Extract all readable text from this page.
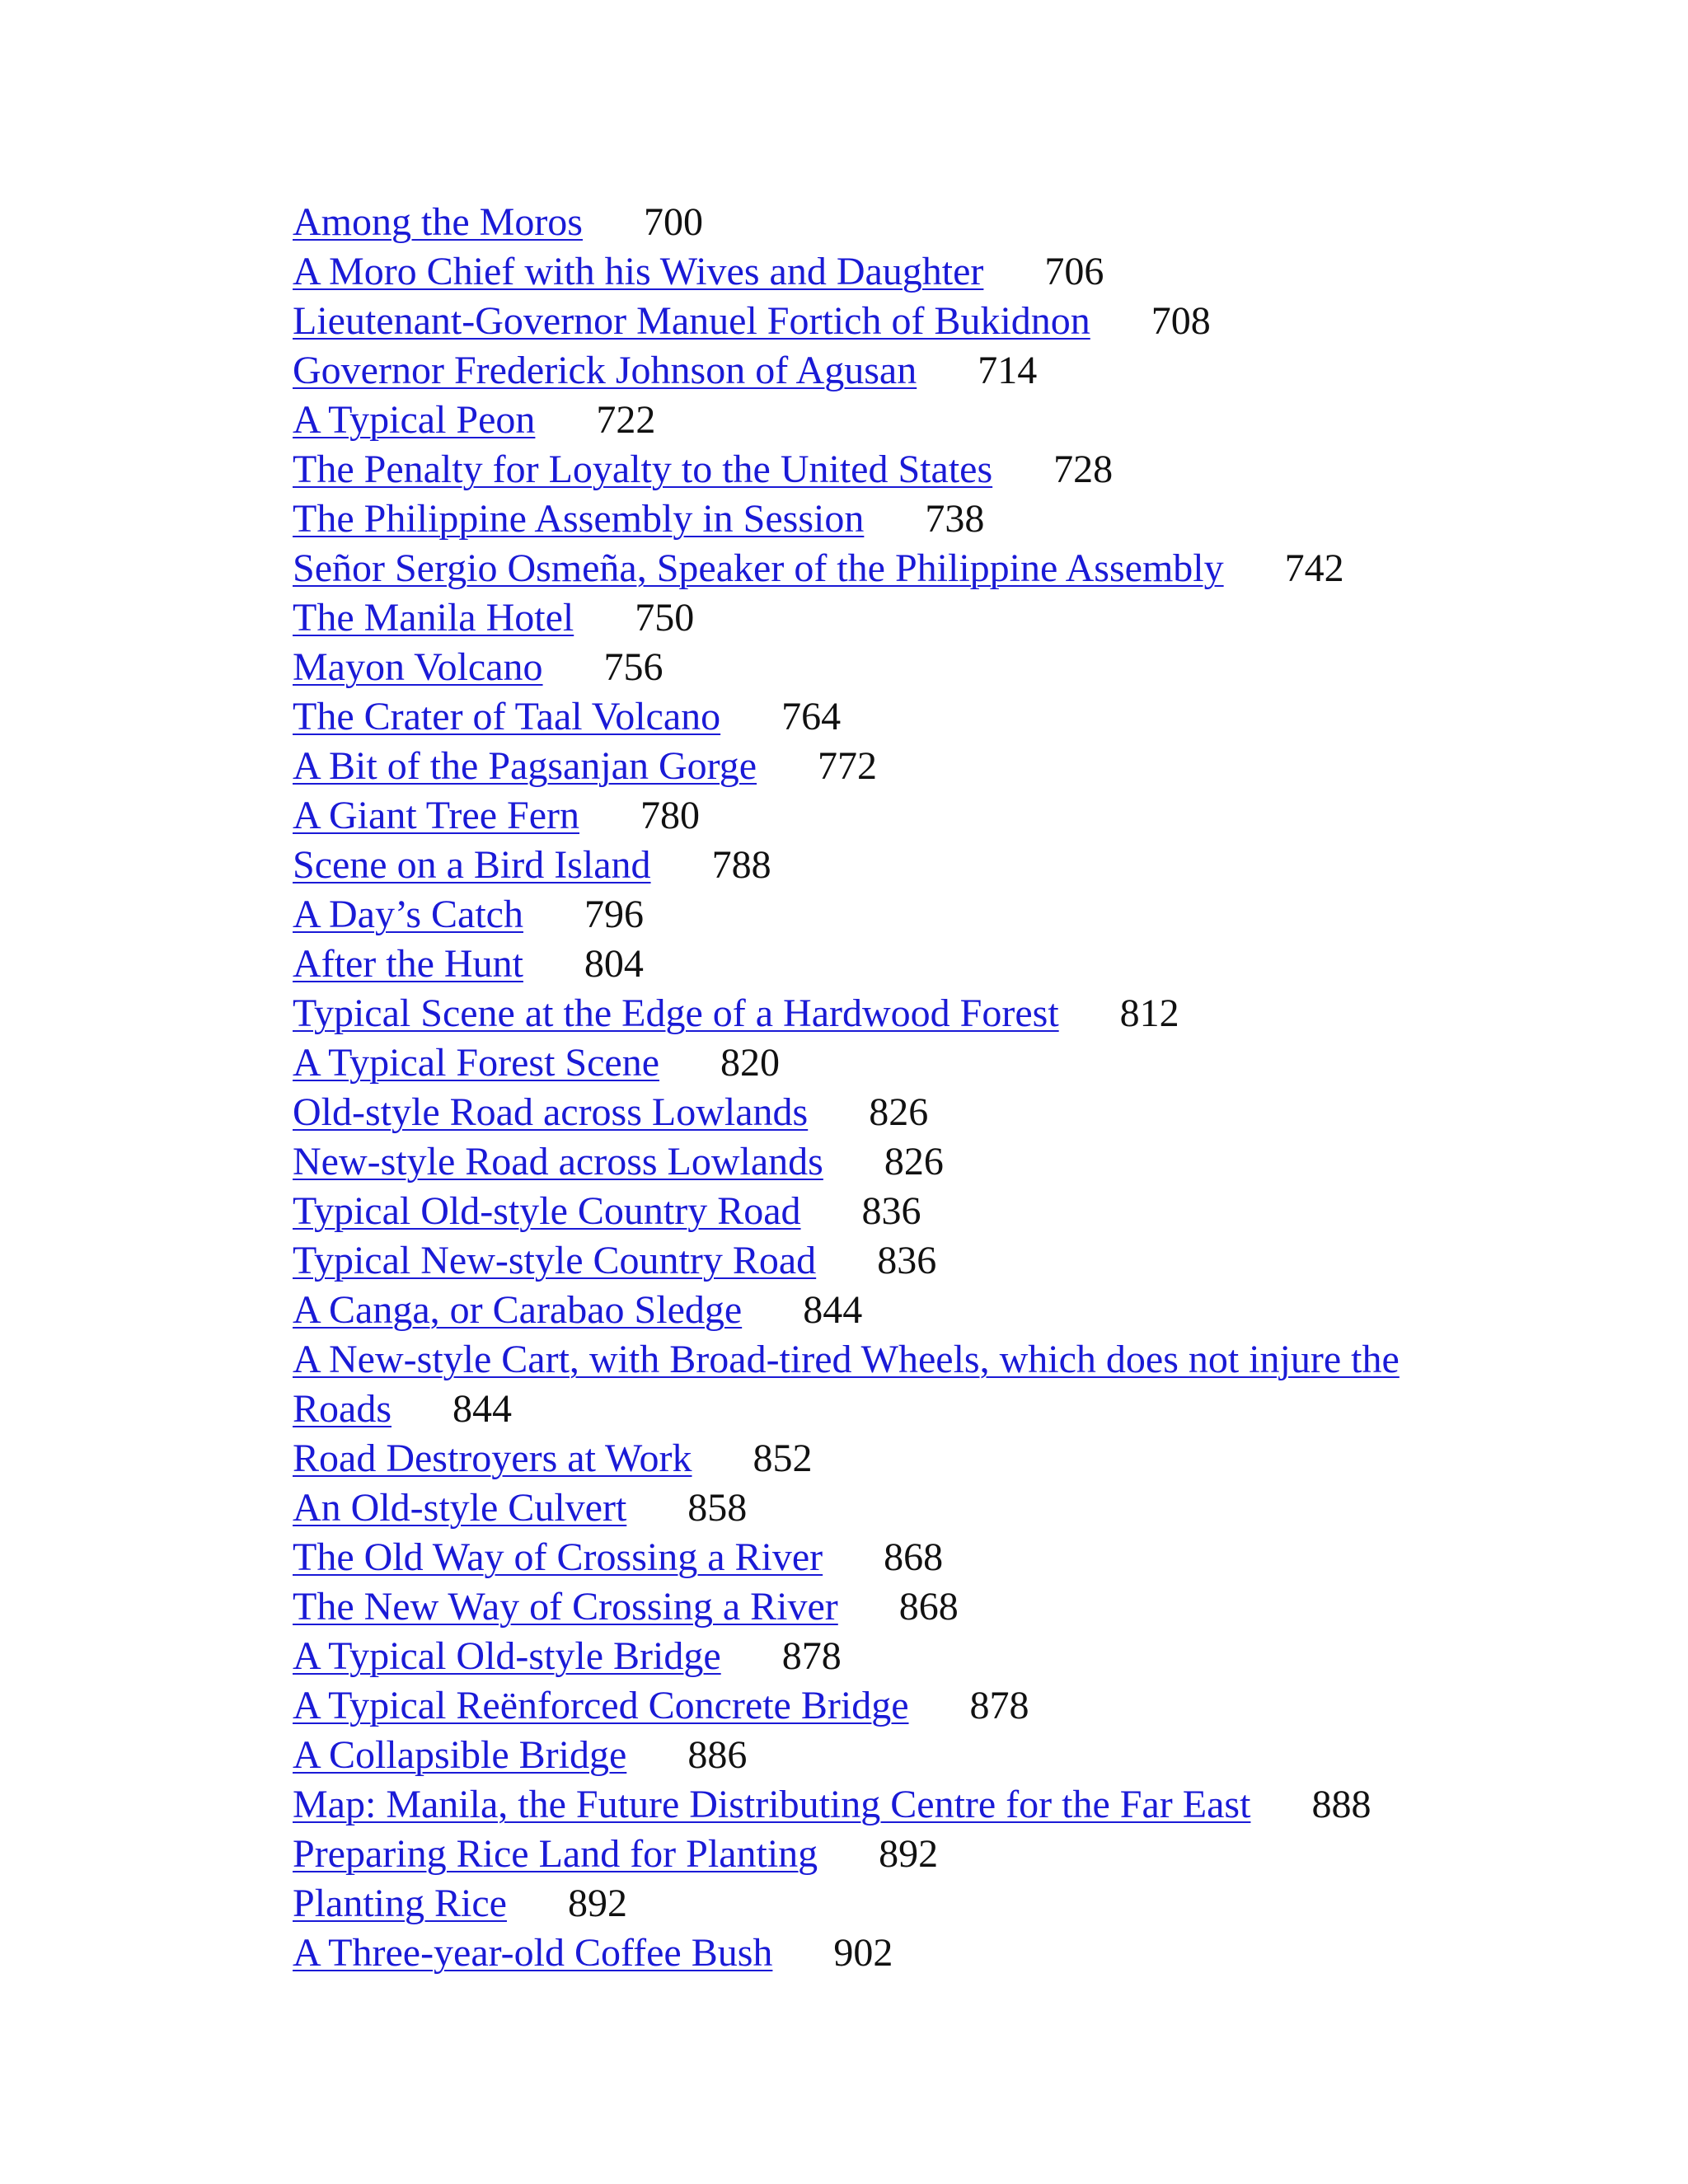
Among the Moros 700

A Moro Chief with his Wives and Daughter 706

Lieutenant-Governor Manuel Fortich of Bukidnon 708

Governor Frederick Johnson of Agusan 714

A Typical Peon 722

The Penalty for Loyalty to the United States 728

The Philippine Assembly in Session 738

Señor Sergio Osmeña, Speaker of the Philippine Assembly 742

The Manila Hotel 750

Mayon Volcano 756

The Crater of Taal Volcano 764

A Bit of the Pagsanjan Gorge 772

A Giant Tree Fern 780

Scene on a Bird Island 788

A Day’s Catch 796

After the Hunt 804

Typical Scene at the Edge of a Hardwood Forest 812

A Typical Forest Scene 820

Old-style Road across Lowlands 826

New-style Road across Lowlands 826

Typical Old-style Country Road 836

Typical New-style Country Road 836

A Canga, or Carabao Sledge 844

A New-style Cart, with Broad-tired Wheels, which does not injure the Roads 844

Road Destroyers at Work 852

An Old-style Culvert 858

The Old Way of Crossing a River 868

The New Way of Crossing a River 868

A Typical Old-style Bridge 878

A Typical Reënforced Concrete Bridge 878

A Collapsible Bridge 886

Map: Manila, the Future Distributing Centre for the Far East 888

Preparing Rice Land for Planting 892

Planting Rice 892

A Three-year-old Coffee Bush 902
